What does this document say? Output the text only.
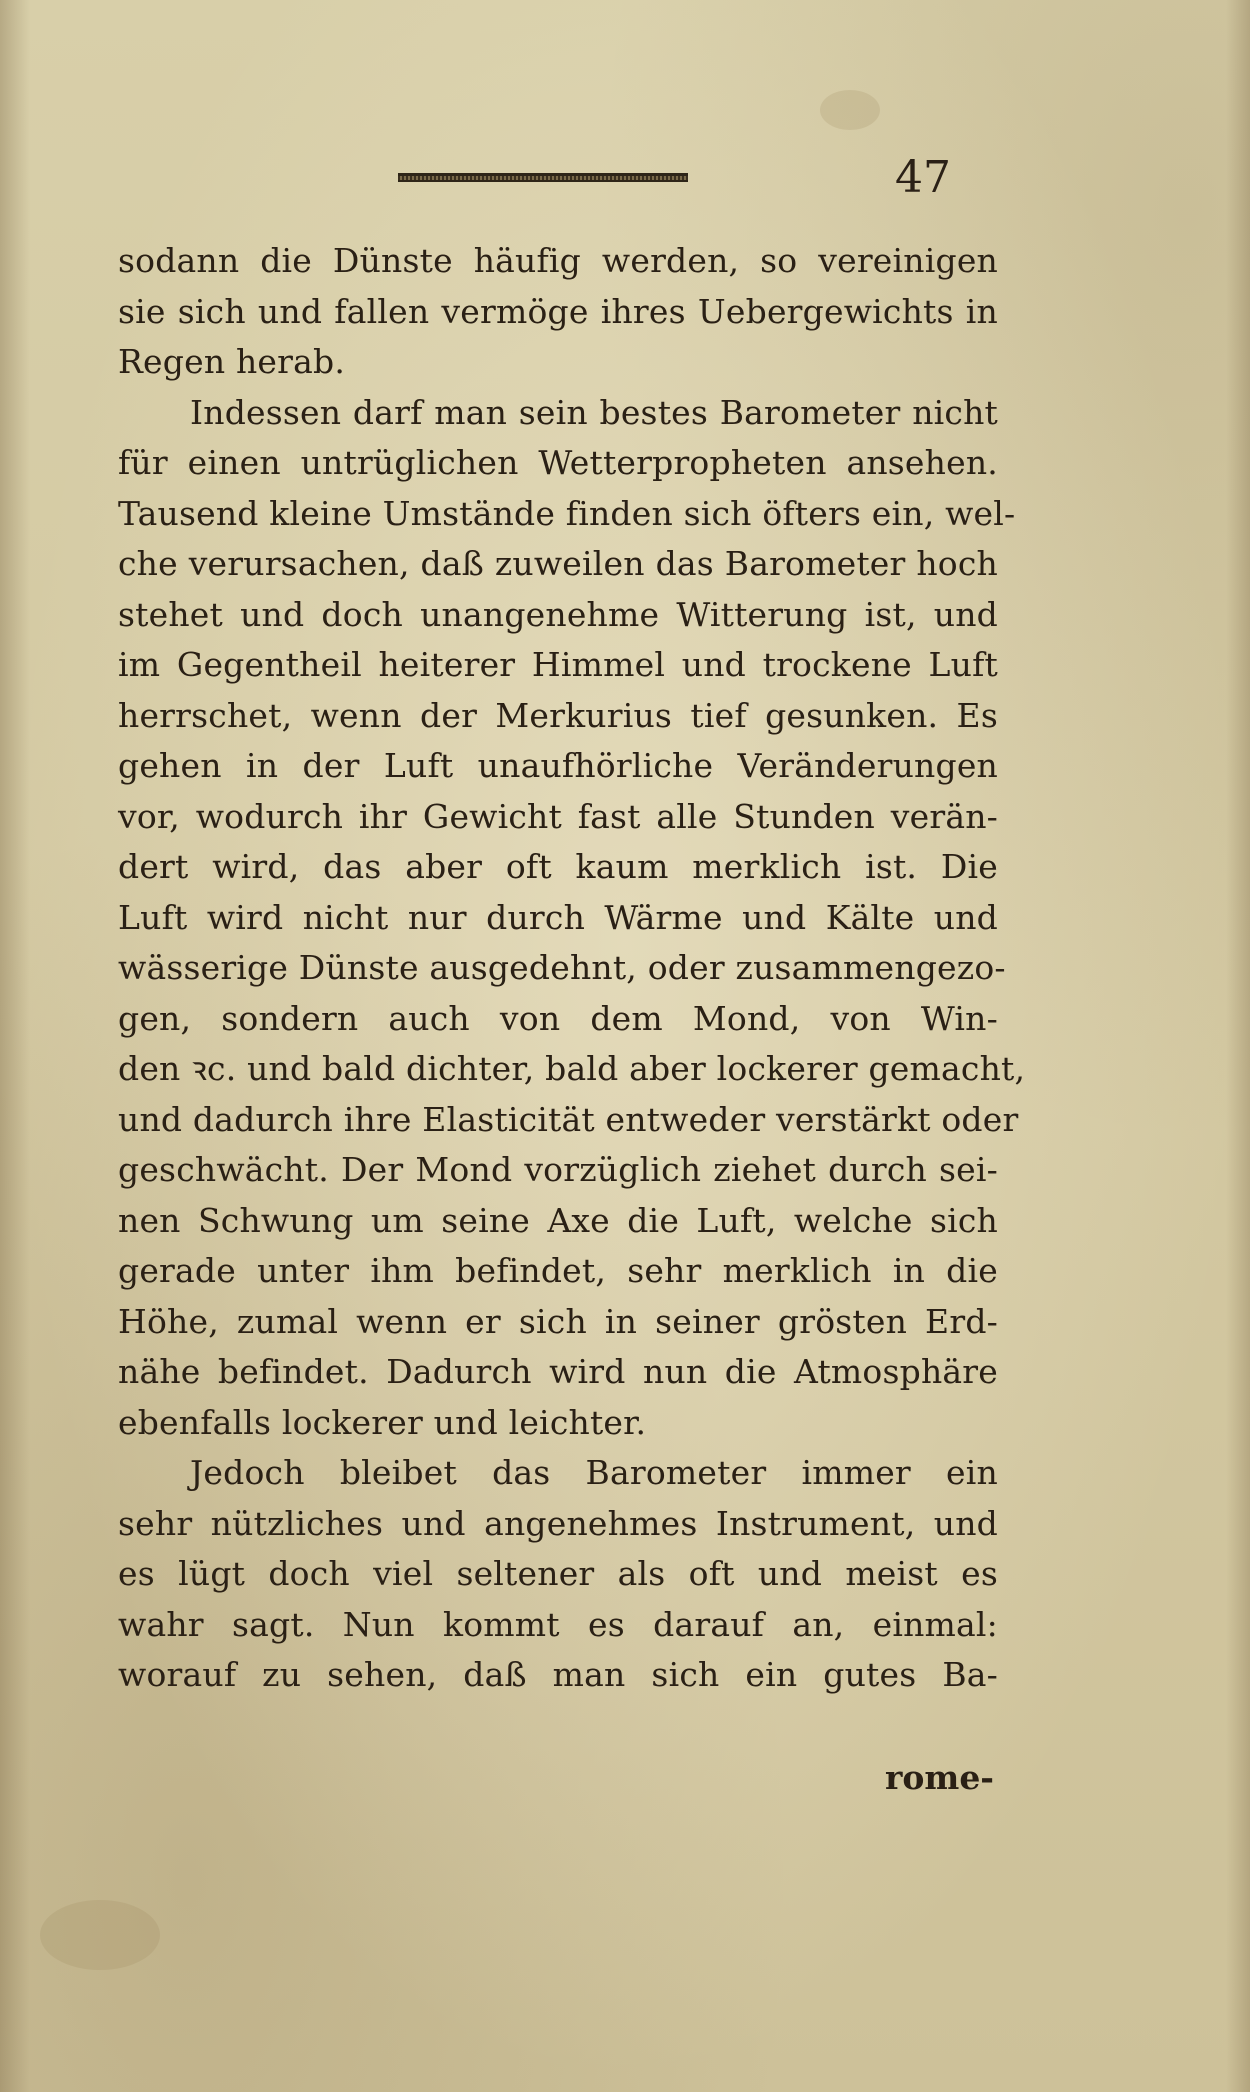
47
sodann die Dünste häufig werden, so vereinigen
sie sich und fallen vermöge ihres Uebergewichts in
Regen herab.
Indessen darf man sein bestes Barometer nicht
für einen untrüglichen Wetterpropheten ansehen.
Tausend kleine Umstände finden sich öfters ein, wel-
che verursachen, daß zuweilen das Barometer hoch
stehet und doch unangenehme Witterung ist, und
im Gegentheil heiterer Himmel und trockene Luft
herrschet, wenn der Merkurius tief gesunken. Es
gehen in der Luft unaufhörliche Veränderungen
vor, wodurch ihr Gewicht fast alle Stunden verän-
dert wird, das aber oft kaum merklich ist. Die
Luft wird nicht nur durch Wärme und Kälte und
wässerige Dünste ausgedehnt, oder zusammengezo-
gen, sondern auch von dem Mond, von Win-
den ꝛc. und bald dichter, bald aber lockerer gemacht,
und dadurch ihre Elasticität entweder verstärkt oder
geschwächt. Der Mond vorzüglich ziehet durch sei-
nen Schwung um seine Axe die Luft, welche sich
gerade unter ihm befindet, sehr merklich in die
Höhe, zumal wenn er sich in seiner grösten Erd-
nähe befindet. Dadurch wird nun die Atmosphäre
ebenfalls lockerer und leichter.
Jedoch bleibet das Barometer immer ein
sehr nützliches und angenehmes Instrument, und
es lügt doch viel seltener als oft und meist es
wahr sagt. Nun kommt es darauf an, einmal:
worauf zu sehen, daß man sich ein gutes Ba-
rome-
